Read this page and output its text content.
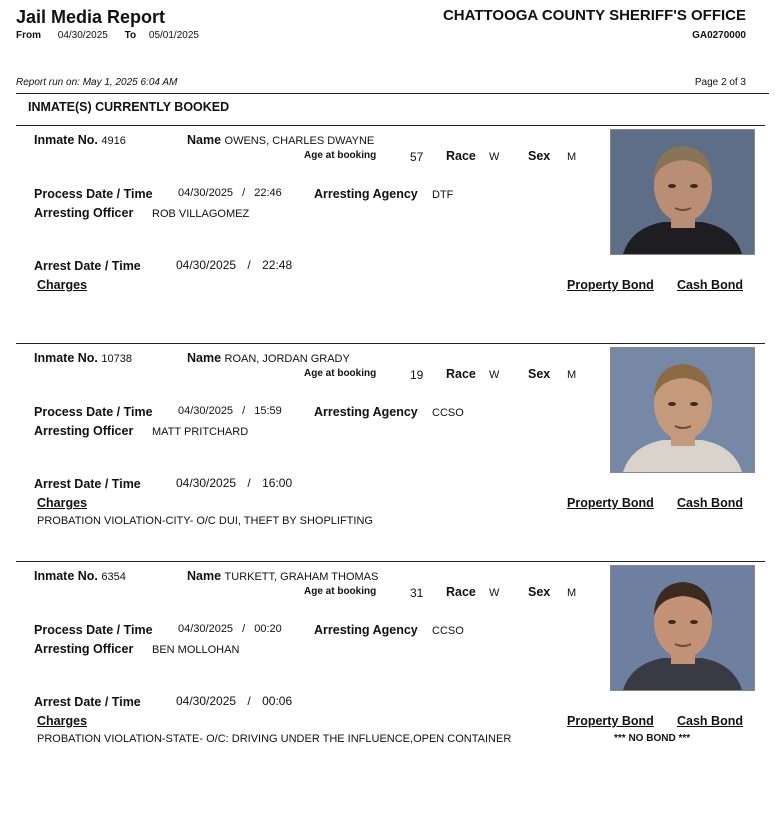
Jail Media Report
From 04/30/2025 To 05/01/2025
CHATTOOGA COUNTY SHERIFF'S OFFICE
GA0270000
Report run on: May 1, 2025 6:04 AM	Page 2 of 3
INMATE(S) CURRENTLY BOOKED
Inmate No. 4916	Name OWENS, CHARLES DWAYNE
Age at booking	57 Race W Sex M
Process Date / Time 04/30/2025 / 22:46	Arresting Agency DTF
Arresting Officer ROB VILLAGOMEZ
Arrest Date / Time	04/30/2025 / 22:48
Charges	Property Bond Cash Bond
Inmate No. 10738	Name ROAN, JORDAN GRADY
Age at booking	19 Race W Sex M
Process Date / Time 04/30/2025 / 15:59	Arresting Agency CCSO
Arresting Officer MATT PRITCHARD
Arrest Date / Time	04/30/2025 / 16:00
Charges	Property Bond Cash Bond
PROBATION VIOLATION-CITY- O/C DUI, THEFT BY SHOPLIFTING
Inmate No. 6354	Name TURKETT, GRAHAM THOMAS
Age at booking	31 Race W Sex M
Process Date / Time 04/30/2025 / 00:20	Arresting Agency CCSO
Arresting Officer BEN MOLLOHAN
Arrest Date / Time	04/30/2025 / 00:06
Charges	Property Bond Cash Bond
PROBATION VIOLATION-STATE- O/C: DRIVING UNDER THE INFLUENCE,OPEN CONTAINER	*** NO BOND ***
